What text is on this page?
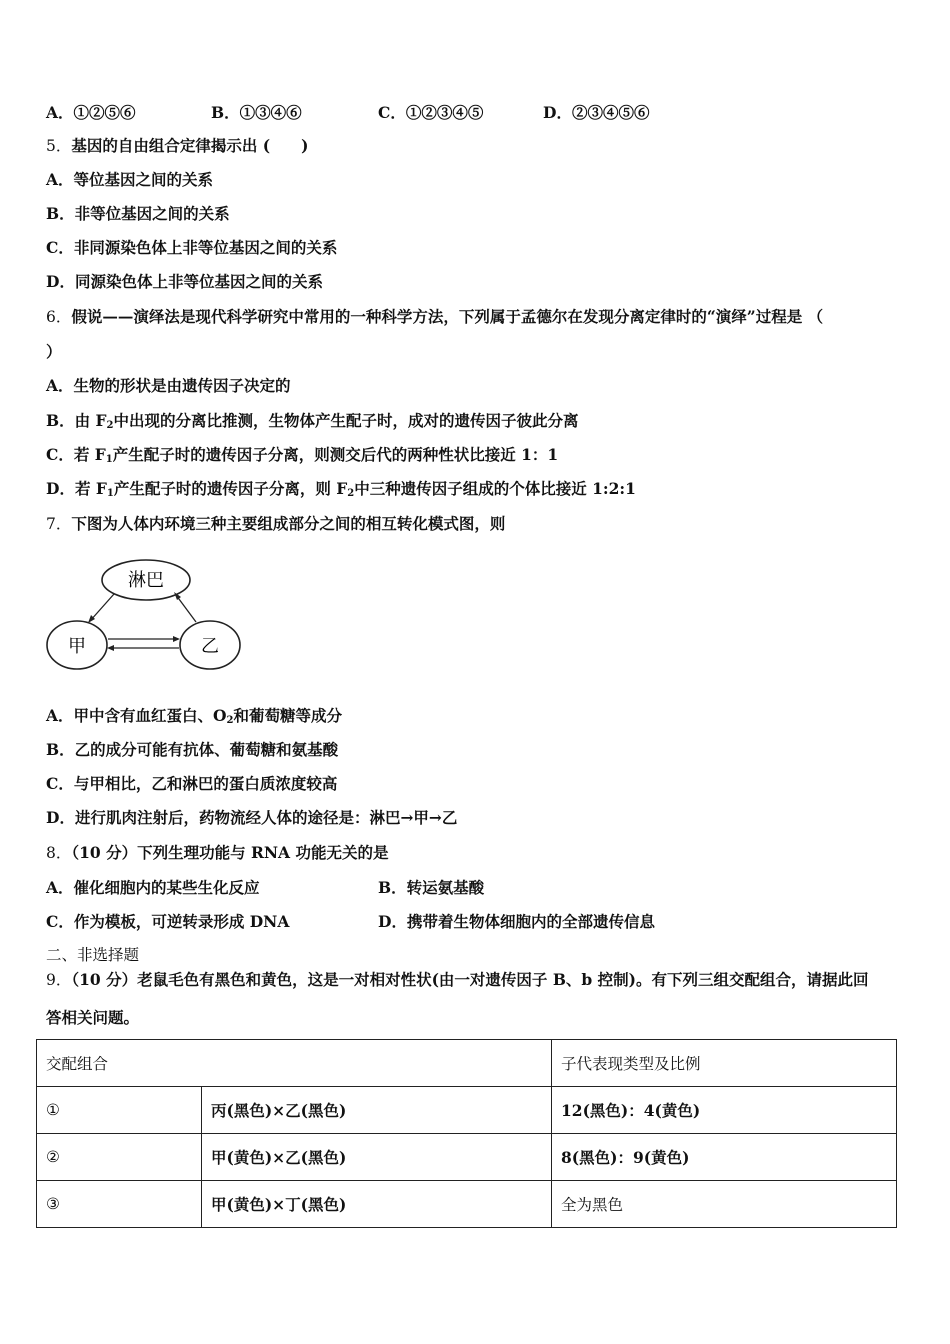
A．①②⑤⑥	B．①③④⑥	C．①②③④⑤	D．②③④⑤⑥
5．基因的自由组合定律揭示出 (　　)
A．等位基因之间的关系
B．非等位基因之间的关系
C．非同源染色体上非等位基因之间的关系
D．同源染色体上非等位基因之间的关系
6．假说——演绎法是现代科学研究中常用的一种科学方法，下列属于孟德尔在发现分离定律时的“演绎”过程是 （
）
A．生物的形状是由遗传因子决定的
B．由 $F_2$中出现的分离比推测，生物体产生配子时，成对的遗传因子彼此分离
C．若 $F_1$产生配子时的遗传因子分离，则测交后代的两种性状比接近 1：1
D．若 $F_1$产生配子时的遗传因子分离，则 $F_2$中三种遗传因子组成的个体比接近 1:2:1
7．下图为人体内环境三种主要组成部分之间的相互转化模式图，则
淋巴
甲	乙
A．甲中含有血红蛋白、$O_2$和葡萄糖等成分
B．乙的成分可能有抗体、葡萄糖和氨基酸
C．与甲相比，乙和淋巴的蛋白质浓度较高
D．进行肌肉注射后，药物流经人体的途径是：淋巴→甲→乙
8．（10 分）下列生理功能与 RNA 功能无关的是
A．催化细胞内的某些生化反应	B．转运氨基酸
C．作为模板，可逆转录形成 DNA	D．携带着生物体细胞内的全部遗传信息
二、非选择题
9．（10 分）老鼠毛色有黑色和黄色，这是一对相对性状(由一对遗传因子 B、b 控制)。有下列三组交配组合，请据此回
答相关问题。
交配组合		子代表现类型及比例
①	丙(黑色)×乙(黑色)	12(黑色)：4(黄色)
②	甲(黄色)×乙(黑色)	8(黑色)：9(黄色)
③	甲(黄色)×丁(黑色)	全为黑色
